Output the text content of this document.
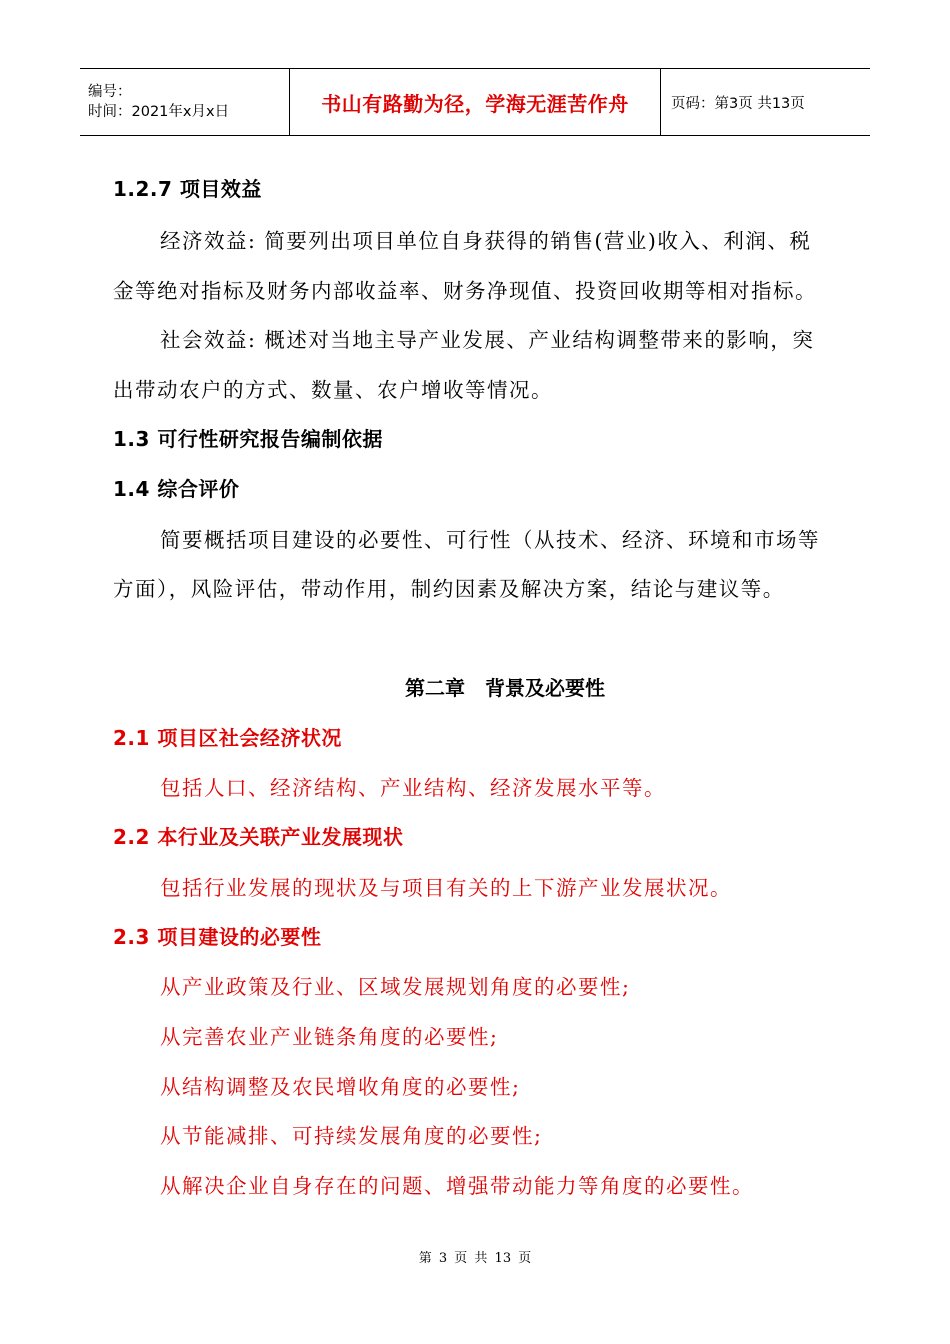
编号：
时间：2021年x月x日	书山有路勤为径，学海无涯苦作舟	页码：第3页 共13页
1.2.7 项目效益
经济效益: 简要列出项目单位自身获得的销售(营业)收入、利润、税
金等绝对指标及财务内部收益率、财务净现值、投资回收期等相对指标。
社会效益: 概述对当地主导产业发展、产业结构调整带来的影响，突
出带动农户的方式、数量、农户增收等情况。
1.3 可行性研究报告编制依据
1.4 综合评价
简要概括项目建设的必要性、可行性（从技术、经济、环境和市场等
方面），风险评估，带动作用，制约因素及解决方案，结论与建议等。
第二章　背景及必要性
2.1 项目区社会经济状况
包括人口、经济结构、产业结构、经济发展水平等。
2.2 本行业及关联产业发展现状
包括行业发展的现状及与项目有关的上下游产业发展状况。
2.3 项目建设的必要性
从产业政策及行业、区域发展规划角度的必要性;
从完善农业产业链条角度的必要性;
从结构调整及农民增收角度的必要性;
从节能减排、可持续发展角度的必要性;
从解决企业自身存在的问题、增强带动能力等角度的必要性。
第 3 页 共 13 页
